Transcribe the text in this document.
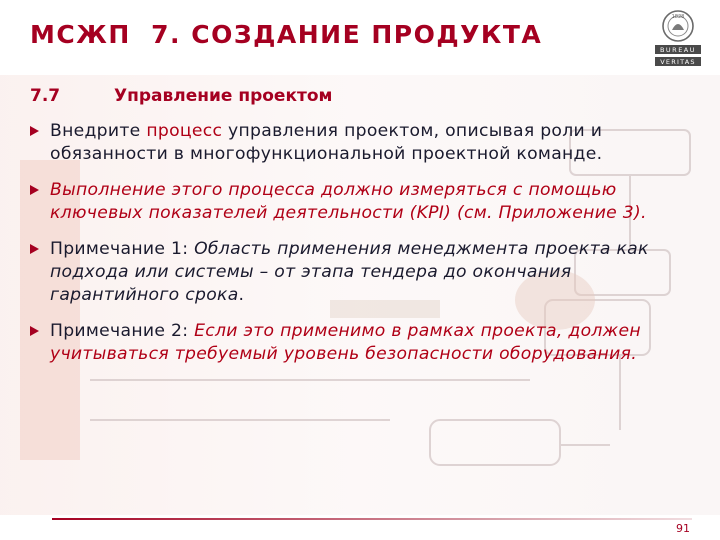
МСЖП  7. СОЗДАНИЕ ПРОДУКТА
1828
BUREAU
VERITAS
7.7	Управление проектом
Внедрите процесс управления проектом, описывая роли и обязанности в многофункциональной проектной команде.
Выполнение этого процесса должно измеряться с помощью ключевых показателей деятельности (KPI) (см. Приложение 3).
Примечание 1: Область применения менеджмента проекта как подхода или системы – от этапа тендера до окончания гарантийного срока.
Примечание 2: Если это применимо в рамках проекта, должен учитываться требуемый уровень безопасности оборудования.
91
